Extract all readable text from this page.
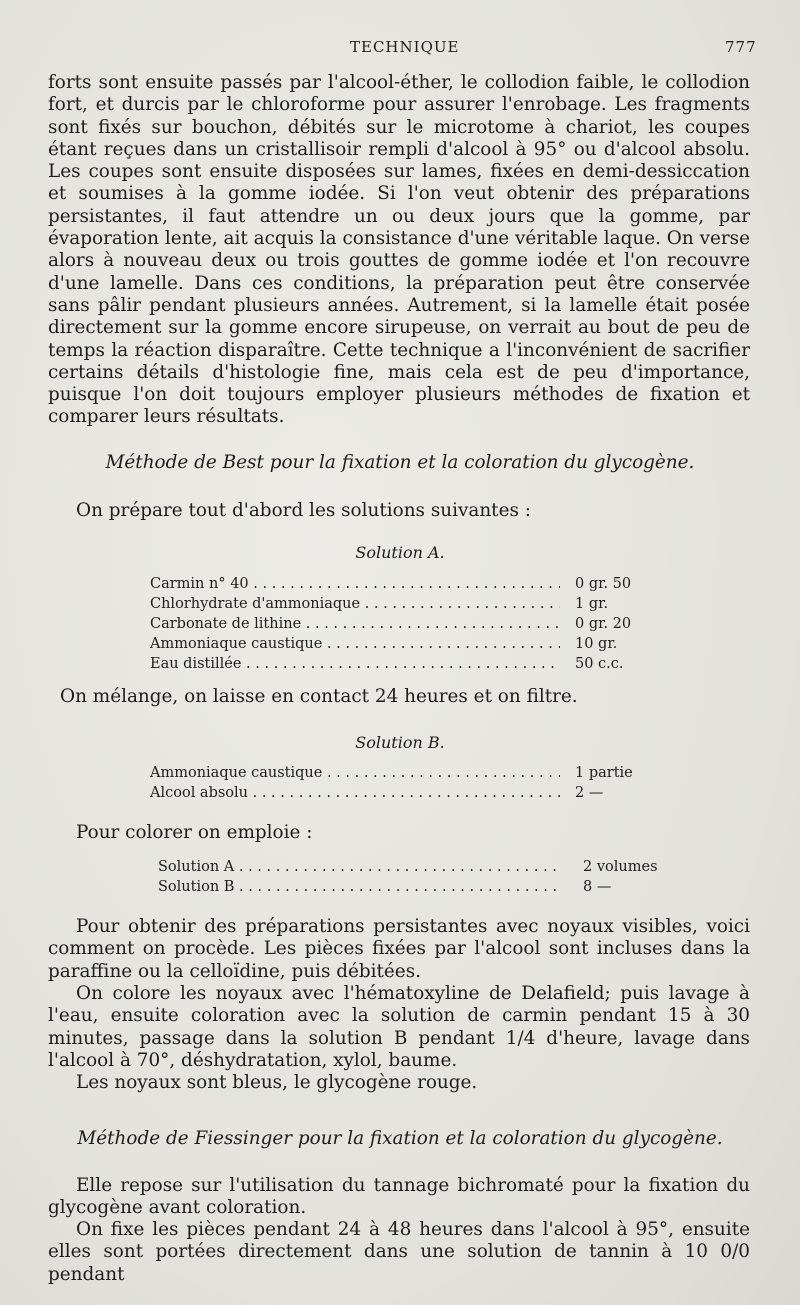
TECHNIQUE	777

forts sont ensuite passés par l'alcool-éther, le collodion faible, le collodion fort, et durcis par le chloroforme pour assurer l'enrobage. Les fragments sont fixés sur bouchon, débités sur le microtome à chariot, les coupes étant reçues dans un cristallisoir rempli d'alcool à 95° ou d'alcool absolu. Les coupes sont ensuite disposées sur lames, fixées en demi-dessiccation et soumises à la gomme iodée. Si l'on veut obtenir des préparations persistantes, il faut attendre un ou deux jours que la gomme, par évaporation lente, ait acquis la consistance d'une véritable laque. On verse alors à nouveau deux ou trois gouttes de gomme iodée et l'on recouvre d'une lamelle. Dans ces conditions, la préparation peut être conservée sans pâlir pendant plusieurs années. Autrement, si la lamelle était posée directement sur la gomme encore sirupeuse, on verrait au bout de peu de temps la réaction disparaître. Cette technique a l'inconvénient de sacrifier certains détails d'histologie fine, mais cela est de peu d'importance, puisque l'on doit toujours employer plusieurs méthodes de fixation et comparer leurs résultats.

Méthode de Best pour la fixation et la coloration du glycogène.
On prépare tout d'abord les solutions suivantes :
Solution A.
Carmin n° 40 . . .	0 gr. 50
Chlorhydrate d'ammoniaque . . .	1 gr.
Carbonate de lithine . . .	0 gr. 20
Ammoniaque caustique . . .	10 gr.
Eau distillée . . .	50 c.c.
On mélange, on laisse en contact 24 heures et on filtre.
Solution B.
Ammoniaque caustique . . .	1 partie
Alcool absolu . . .	2 —
Pour colorer on emploie :
Solution A . . .	2 volumes
Solution B . . .	8 —

Pour obtenir des préparations persistantes avec noyaux visibles, voici comment on procède. Les pièces fixées par l'alcool sont incluses dans la paraffine ou la celloïdine, puis débitées.

On colore les noyaux avec l'hématoxyline de Delafield; puis lavage à l'eau, ensuite coloration avec la solution de carmin pendant 15 à 30 minutes, passage dans la solution B pendant 1/4 d'heure, lavage dans l'alcool à 70°, déshydratation, xylol, baume.

Les noyaux sont bleus, le glycogène rouge.

Méthode de Fiessinger pour la fixation et la coloration du glycogène.

Elle repose sur l'utilisation du tannage bichromaté pour la fixation du glycogène avant coloration.

On fixe les pièces pendant 24 à 48 heures dans l'alcool à 95°, ensuite elles sont portées directement dans une solution de tannin à 10 0/0 pendant
